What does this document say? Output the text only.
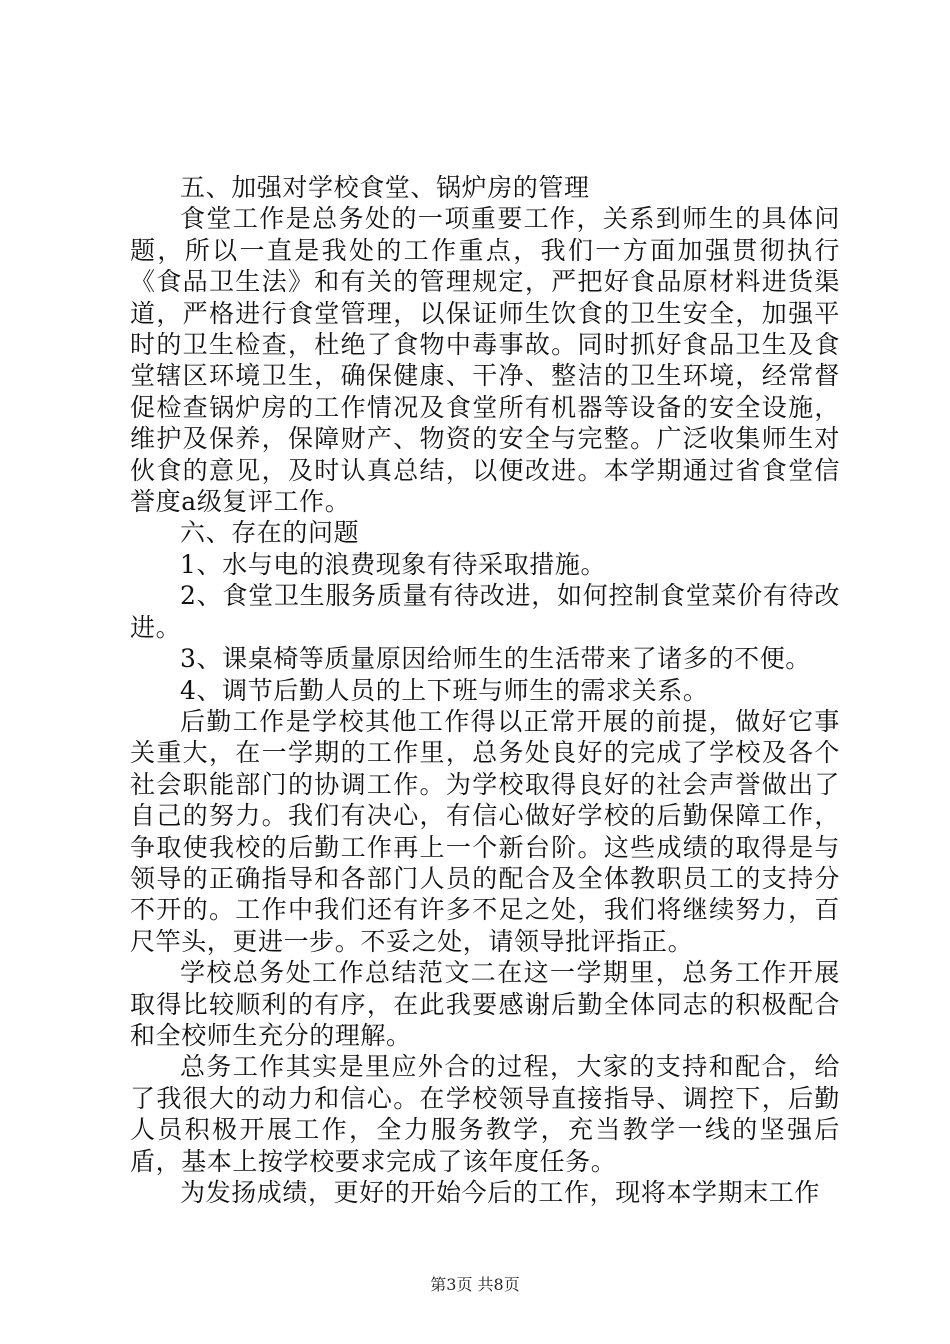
五、加强对学校食堂、锅炉房的管理

食堂工作是总务处的一项重要工作，关系到师生的具体问题，所以一直是我处的工作重点，我们一方面加强贯彻执行《食品卫生法》和有关的管理规定，严把好食品原材料进货渠道，严格进行食堂管理，以保证师生饮食的卫生安全，加强平时的卫生检查，杜绝了食物中毒事故。同时抓好食品卫生及食堂辖区环境卫生，确保健康、干净、整洁的卫生环境，经常督促检查锅炉房的工作情况及食堂所有机器等设备的安全设施，维护及保养，保障财产、物资的安全与完整。广泛收集师生对伙食的意见，及时认真总结，以便改进。本学期通过省食堂信誉度a级复评工作。

六、存在的问题

1、水与电的浪费现象有待采取措施。

2、食堂卫生服务质量有待改进，如何控制食堂菜价有待改进。

3、课桌椅等质量原因给师生的生活带来了诸多的不便。

4、调节后勤人员的上下班与师生的需求关系。

后勤工作是学校其他工作得以正常开展的前提，做好它事关重大，在一学期的工作里，总务处良好的完成了学校及各个社会职能部门的协调工作。为学校取得良好的社会声誉做出了自己的努力。我们有决心，有信心做好学校的后勤保障工作，争取使我校的后勤工作再上一个新台阶。这些成绩的取得是与领导的正确指导和各部门人员的配合及全体教职员工的支持分不开的。工作中我们还有许多不足之处，我们将继续努力，百尺竿头，更进一步。不妥之处，请领导批评指正。

学校总务处工作总结范文二在这一学期里，总务工作开展取得比较顺利的有序，在此我要感谢后勤全体同志的积极配合和全校师生充分的理解。

总务工作其实是里应外合的过程，大家的支持和配合，给了我很大的动力和信心。在学校领导直接指导、调控下，后勤人员积极开展工作，全力服务教学，充当教学一线的坚强后盾，基本上按学校要求完成了该年度任务。

为发扬成绩，更好的开始今后的工作，现将本学期末工作

第3页 共8页
